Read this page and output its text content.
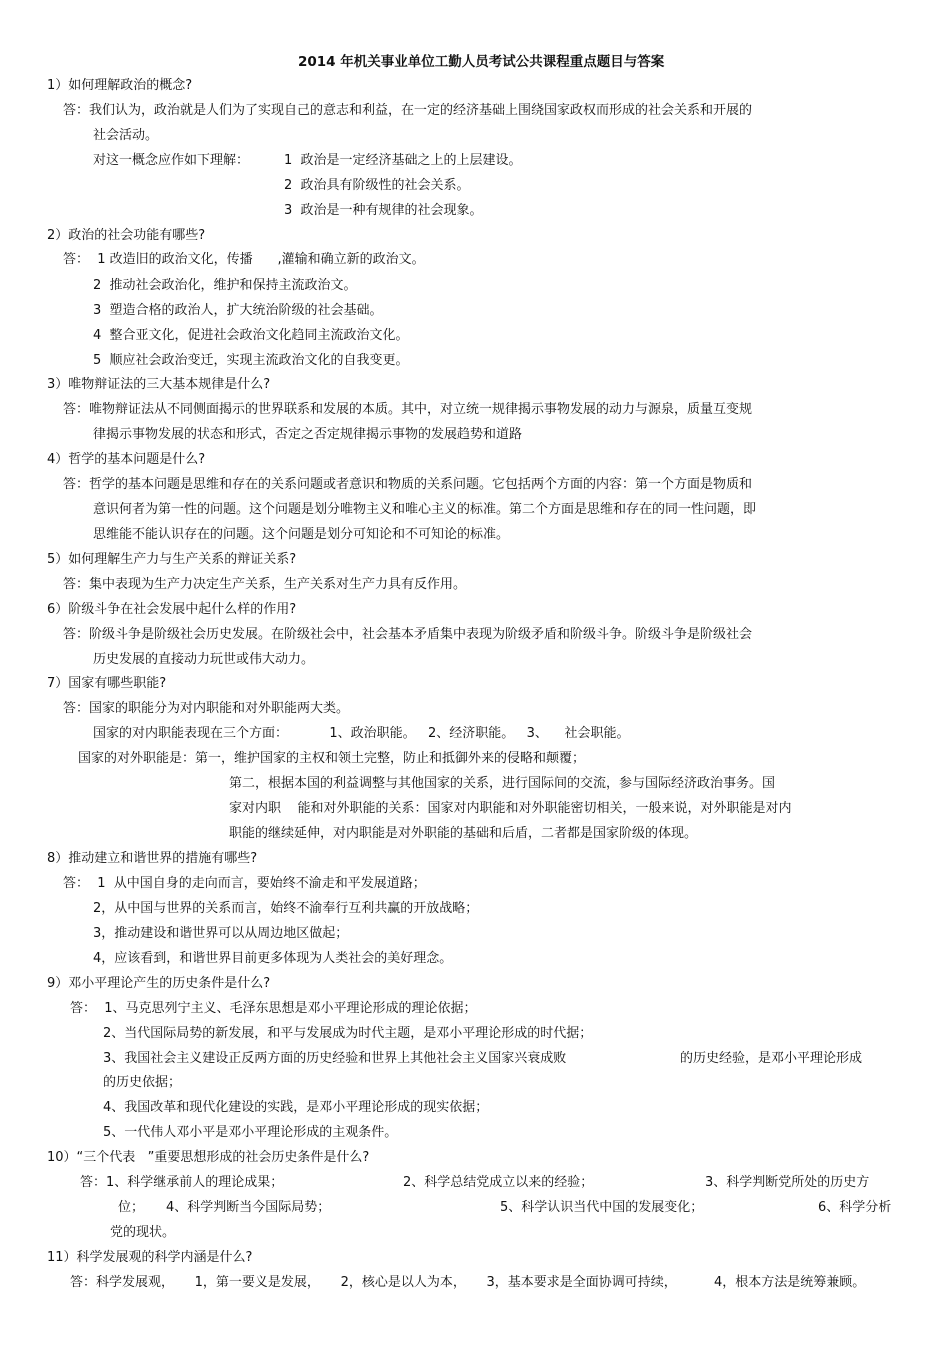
2014 年机关事业单位工勤人员考试公共课程重点题目与答案
1）如何理解政治的概念?
答：我们认为，政治就是人们为了实现自己的意志和利益，在一定的经济基础上围绕国家政权而形成的社会关系和开展的
社会活动。
对这一概念应作如下理解：	1  政治是一定经济基础之上的上层建设。
2  政治具有阶级性的社会关系。
3  政治是一种有规律的社会现象。
2）政治的社会功能有哪些?
答：  1 改造旧的政治文化，传播      ,灌输和确立新的政治文。
2  推动社会政治化，维护和保持主流政治文。
3  塑造合格的政治人，扩大统治阶级的社会基础。
4  整合亚文化，促进社会政治文化趋同主流政治文化。
5  顺应社会政治变迁，实现主流政治文化的自我变更。
3）唯物辩证法的三大基本规律是什么?
答：唯物辩证法从不同侧面揭示的世界联系和发展的本质。其中，对立统一规律揭示事物发展的动力与源泉，质量互变规
律揭示事物发展的状态和形式，否定之否定规律揭示事物的发展趋势和道路
4）哲学的基本问题是什么?
答：哲学的基本问题是思维和存在的关系问题或者意识和物质的关系问题。它包括两个方面的内容：第一个方面是物质和
意识何者为第一性的问题。这个问题是划分唯物主义和唯心主义的标准。第二个方面是思维和存在的同一性问题，即
思维能不能认识存在的问题。这个问题是划分可知论和不可知论的标准。
5）如何理解生产力与生产关系的辩证关系?
答：集中表现为生产力决定生产关系，生产关系对生产力具有反作用。
6）阶级斗争在社会发展中起什么样的作用?
答：阶级斗争是阶级社会历史发展。在阶级社会中，社会基本矛盾集中表现为阶级矛盾和阶级斗争。阶级斗争是阶级社会
历史发展的直接动力玩世或伟大动力。
7）国家有哪些职能?
答：国家的职能分为对内职能和对外职能两大类。
国家的对内职能表现在三个方面：          1、政治职能。   2、经济职能。   3、    社会职能。
国家的对外职能是：第一，维护国家的主权和领土完整，防止和抵御外来的侵略和颠覆；
第二，根据本国的利益调整与其他国家的关系，进行国际间的交流，参与国际经济政治事务。国
家对内职    能和对外职能的关系：国家对内职能和对外职能密切相关，一般来说，对外职能是对内
职能的继续延伸，对内职能是对外职能的基础和后盾，二者都是国家阶级的体现。
8）推动建立和谐世界的措施有哪些?
答：  1  从中国自身的走向而言，要始终不渝走和平发展道路；
2，从中国与世界的关系而言，始终不渝奉行互利共赢的开放战略；
3，推动建设和谐世界可以从周边地区做起；
4，应该看到，和谐世界目前更多体现为人类社会的美好理念。
9）邓小平理论产生的历史条件是什么?
答：  1、马克思列宁主义、毛泽东思想是邓小平理论形成的理论依据；
2、当代国际局势的新发展，和平与发展成为时代主题，是邓小平理论形成的时代据；
3、我国社会主义建设正反两方面的历史经验和世界上其他社会主义国家兴衰成败	的历史经验，是邓小平理论形成
的历史依据；
4、我国改革和现代化建设的实践，是邓小平理论形成的现实依据；
5、一代伟人邓小平是邓小平理论形成的主观条件。
10）“三个代表   ”重要思想形成的社会历史条件是什么?
答：1、科学继承前人的理论成果；	2、科学总结党成立以来的经验；	3、科学判断党所处的历史方
位； 4、科学判断当今国际局势；	5、科学认识当代中国的发展变化；	6、科学分析
党的现状。
11）科学发展观的科学内涵是什么?
答：科学发展观，     1，第一要义是发展，     2，核心是以人为本，     3，基本要求是全面协调可持续，         4，根本方法是统筹兼顾。
